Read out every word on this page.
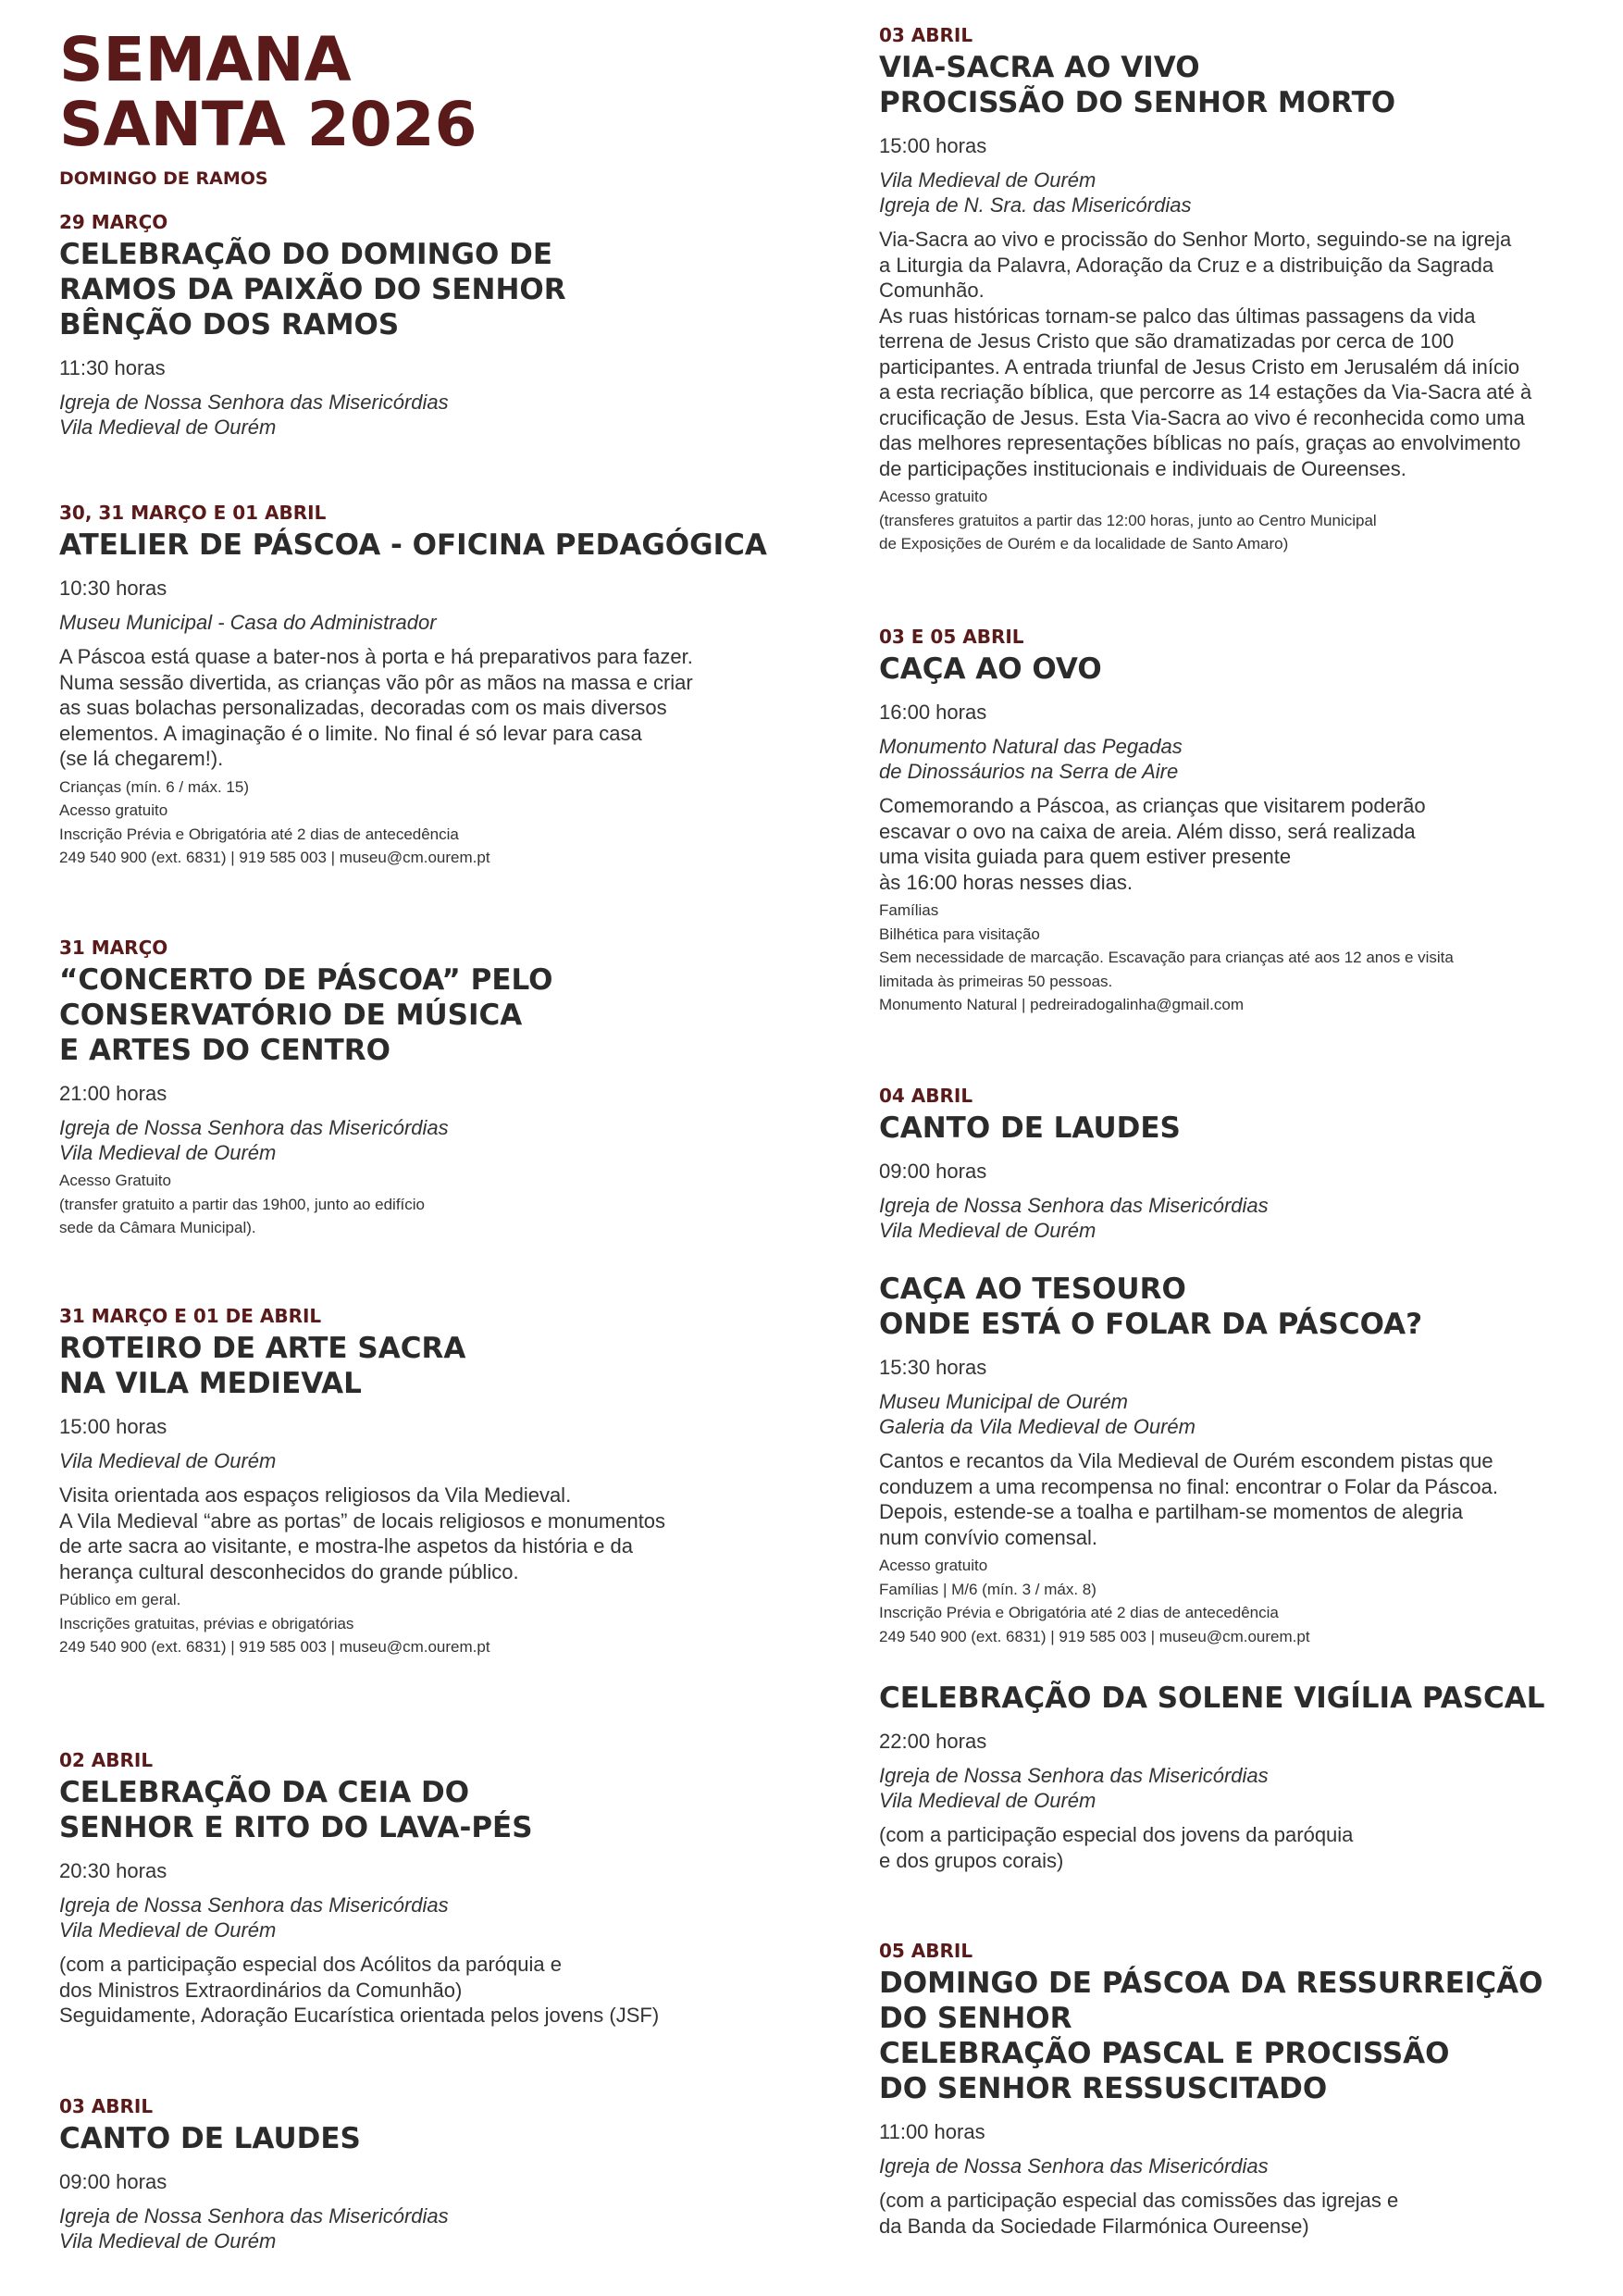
SEMANA
SANTA 2026
DOMINGO DE RAMOS
29 MARÇO
CELEBRAÇÃO DO DOMINGO DE
RAMOS DA PAIXÃO DO SENHOR
BÊNÇÃO DOS RAMOS
11:30 horas
Igreja de Nossa Senhora das Misericórdias
Vila Medieval de Ourém
30, 31 MARÇO E 01 ABRIL
ATELIER DE PÁSCOA - OFICINA PEDAGÓGICA
10:30 horas
Museu Municipal - Casa do Administrador
A Páscoa está quase a bater-nos à porta e há preparativos para fazer.
Numa sessão divertida, as crianças vão pôr as mãos na massa e criar
as suas bolachas personalizadas, decoradas com os mais diversos
elementos. A imaginação é o limite. No final é só levar para casa
(se lá chegarem!).
Crianças (mín. 6 / máx. 15)
Acesso gratuito
Inscrição Prévia e Obrigatória até 2 dias de antecedência
249 540 900 (ext. 6831) | 919 585 003 | museu@cm.ourem.pt
31 MARÇO
“CONCERTO DE PÁSCOA” PELO
CONSERVATÓRIO DE MÚSICA
E ARTES DO CENTRO
21:00 horas
Igreja de Nossa Senhora das Misericórdias
Vila Medieval de Ourém
Acesso Gratuito
(transfer gratuito a partir das 19h00, junto ao edifício
sede da Câmara Municipal).
31 MARÇO E 01 DE ABRIL
ROTEIRO DE ARTE SACRA
NA VILA MEDIEVAL
15:00 horas
Vila Medieval de Ourém
Visita orientada aos espaços religiosos da Vila Medieval.
A Vila Medieval “abre as portas” de locais religiosos e monumentos
de arte sacra ao visitante, e mostra-lhe aspetos da história e da
herança cultural desconhecidos do grande público.
Público em geral.
Inscrições gratuitas, prévias e obrigatórias
249 540 900 (ext. 6831) | 919 585 003 | museu@cm.ourem.pt
02 ABRIL
CELEBRAÇÃO DA CEIA DO
SENHOR E RITO DO LAVA-PÉS
20:30 horas
Igreja de Nossa Senhora das Misericórdias
Vila Medieval de Ourém
(com a participação especial dos Acólitos da paróquia e
dos Ministros Extraordinários da Comunhão)
Seguidamente, Adoração Eucarística orientada pelos jovens (JSF)
03 ABRIL
CANTO DE LAUDES
09:00 horas
Igreja de Nossa Senhora das Misericórdias
Vila Medieval de Ourém
03 ABRIL
VIA-SACRA AO VIVO
PROCISSÃO DO SENHOR MORTO
15:00 horas
Vila Medieval de Ourém
Igreja de N. Sra. das Misericórdias
Via-Sacra ao vivo e procissão do Senhor Morto, seguindo-se na igreja
a Liturgia da Palavra, Adoração da Cruz e a distribuição da Sagrada
Comunhão.
As ruas históricas tornam-se palco das últimas passagens da vida
terrena de Jesus Cristo que são dramatizadas por cerca de 100
participantes. A entrada triunfal de Jesus Cristo em Jerusalém dá início
a esta recriação bíblica, que percorre as 14 estações da Via-Sacra até à
crucificação de Jesus. Esta Via-Sacra ao vivo é reconhecida como uma
das melhores representações bíblicas no país, graças ao envolvimento
de participações institucionais e individuais de Oureenses.
Acesso gratuito
(transferes gratuitos a partir das 12:00 horas, junto ao Centro Municipal
de Exposições de Ourém e da localidade de Santo Amaro)
03 E 05 ABRIL
CAÇA AO OVO
16:00 horas
Monumento Natural das Pegadas
de Dinossáurios na Serra de Aire
Comemorando a Páscoa, as crianças que visitarem poderão
escavar o ovo na caixa de areia. Além disso, será realizada
uma visita guiada para quem estiver presente
às 16:00 horas nesses dias.
Famílias
Bilhética para visitação
Sem necessidade de marcação. Escavação para crianças até aos 12 anos e visita
limitada às primeiras 50 pessoas.
Monumento Natural | pedreiradogalinha@gmail.com
04 ABRIL
CANTO DE LAUDES
09:00 horas
Igreja de Nossa Senhora das Misericórdias
Vila Medieval de Ourém
CAÇA AO TESOURO
ONDE ESTÁ O FOLAR DA PÁSCOA?
15:30 horas
Museu Municipal de Ourém
Galeria da Vila Medieval de Ourém
Cantos e recantos da Vila Medieval de Ourém escondem pistas que
conduzem a uma recompensa no final: encontrar o Folar da Páscoa.
Depois, estende-se a toalha e partilham-se momentos de alegria
num convívio comensal.
Acesso gratuito
Famílias | M/6 (mín. 3 / máx. 8)
Inscrição Prévia e Obrigatória até 2 dias de antecedência
249 540 900 (ext. 6831) | 919 585 003 | museu@cm.ourem.pt
CELEBRAÇÃO DA SOLENE VIGÍLIA PASCAL
22:00 horas
Igreja de Nossa Senhora das Misericórdias
Vila Medieval de Ourém
(com a participação especial dos jovens da paróquia
e dos grupos corais)
05 ABRIL
DOMINGO DE PÁSCOA DA RESSURREIÇÃO
DO SENHOR
CELEBRAÇÃO PASCAL E PROCISSÃO
DO SENHOR RESSUSCITADO
11:00 horas
Igreja de Nossa Senhora das Misericórdias
(com a participação especial das comissões das igrejas e
da Banda da Sociedade Filarmónica Oureense)
